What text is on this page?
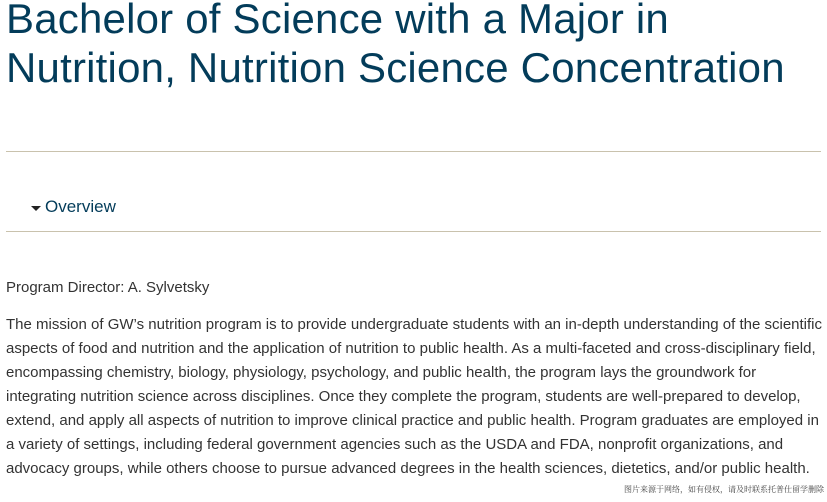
Bachelor of Science with a Major in Nutrition, Nutrition Science Concentration
Overview

Program Director: A. Sylvetsky

The mission of GW’s nutrition program is to provide undergraduate students with an in-depth understanding of the scientific aspects of food and nutrition and the application of nutrition to public health. As a multi-faceted and cross-disciplinary field, encompassing chemistry, biology, physiology, psychology, and public health, the program lays the groundwork for integrating nutrition science across disciplines. Once they complete the program, students are well-prepared to develop, extend, and apply all aspects of nutrition to improve clinical practice and public health. Program graduates are employed in a variety of settings, including federal government agencies such as the USDA and FDA, nonprofit organizations, and advocacy groups, while others choose to pursue advanced degrees in the health sciences, dietetics, and/or public health.

图片来源于网络，如有侵权，请及时联系托普仕留学删除
